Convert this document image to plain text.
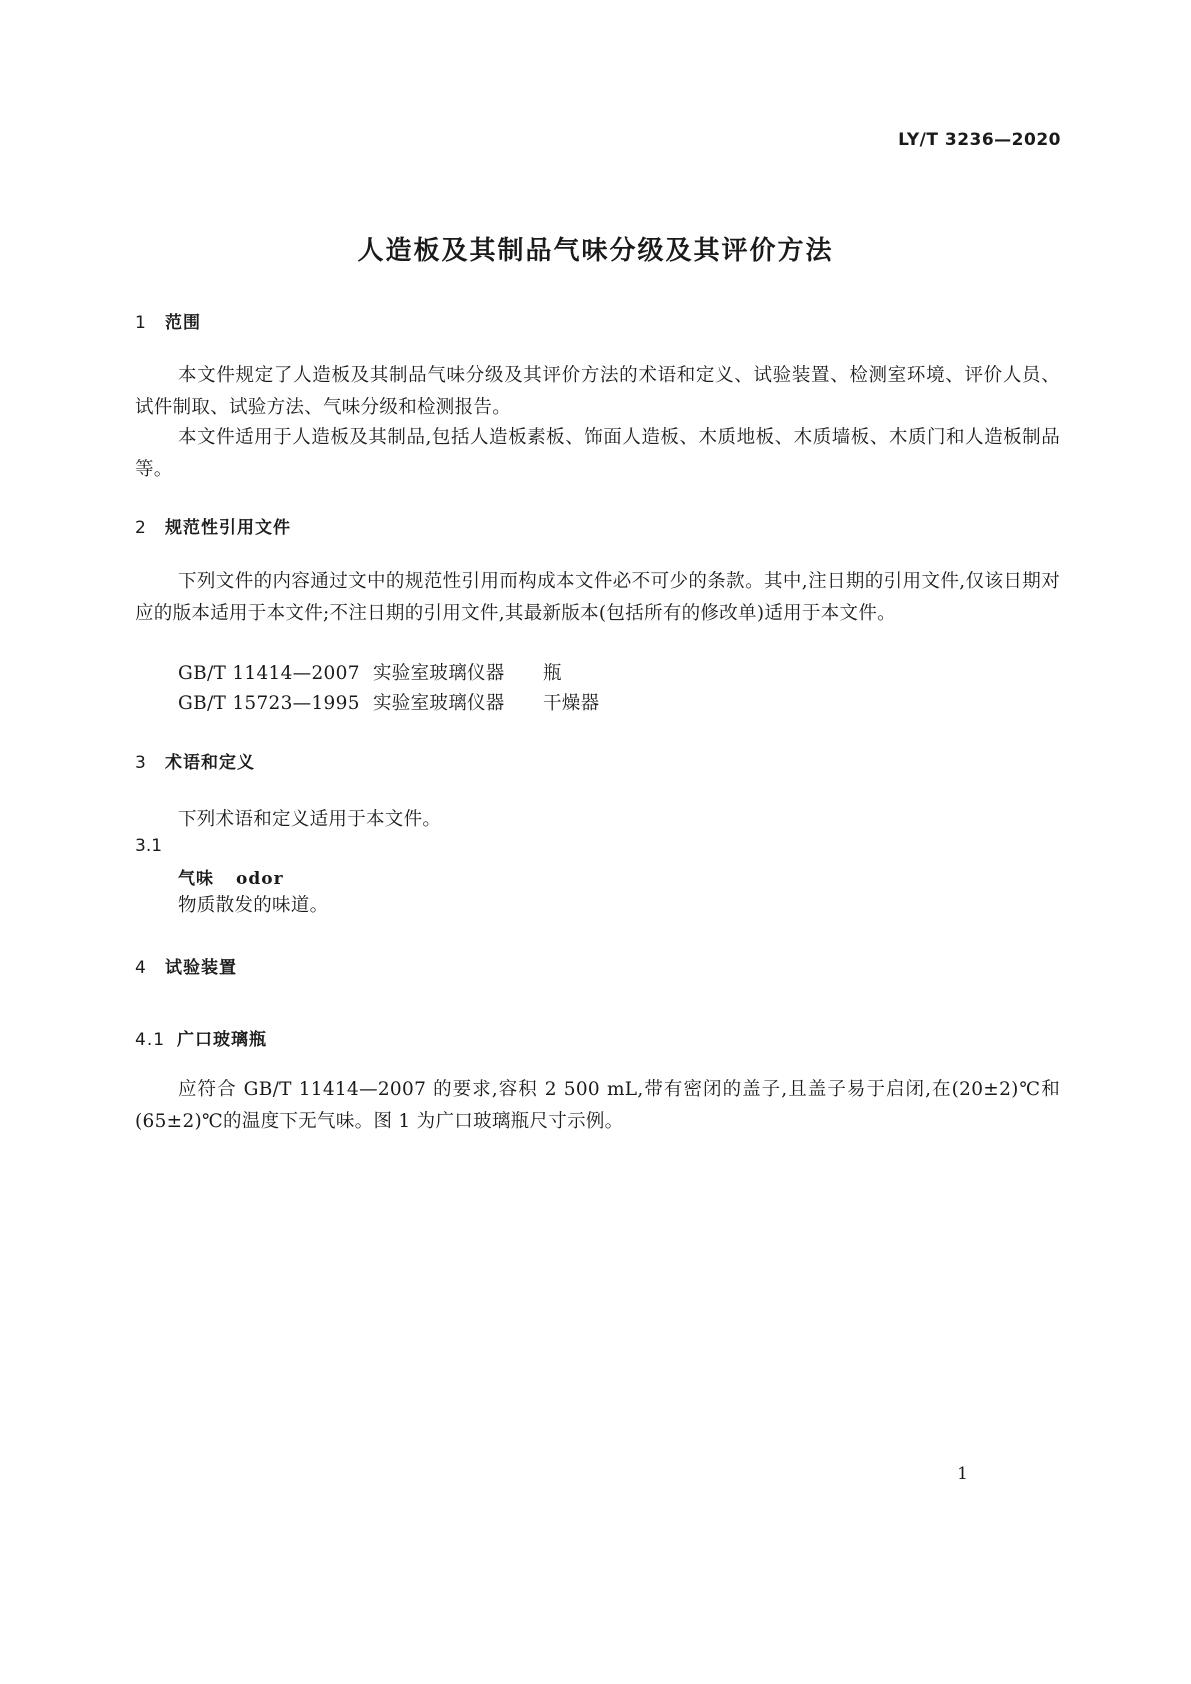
LY/T 3236—2020
人造板及其制品气味分级及其评价方法
1 范围

本文件规定了人造板及其制品气味分级及其评价方法的术语和定义、试验装置、检测室环境、评价人员、试件制取、试验方法、气味分级和检测报告。

本文件适用于人造板及其制品,包括人造板素板、饰面人造板、木质地板、木质墙板、木质门和人造板制品等。

2 规范性引用文件

下列文件的内容通过文中的规范性引用而构成本文件必不可少的条款。其中,注日期的引用文件,仅该日期对应的版本适用于本文件;不注日期的引用文件,其最新版本(包括所有的修改单)适用于本文件。

GB/T 11414—2007 实验室玻璃仪器 瓶
GB/T 15723—1995 实验室玻璃仪器 干燥器
3 术语和定义
下列术语和定义适用于本文件。
3.1
气味 odor
物质散发的味道。
4 试验装置
4.1 广口玻璃瓶

应符合 GB/T 11414—2007 的要求,容积 2 500 mL,带有密闭的盖子,且盖子易于启闭,在(20±2)℃和(65±2)℃的温度下无气味。图 1 为广口玻璃瓶尺寸示例。

1
